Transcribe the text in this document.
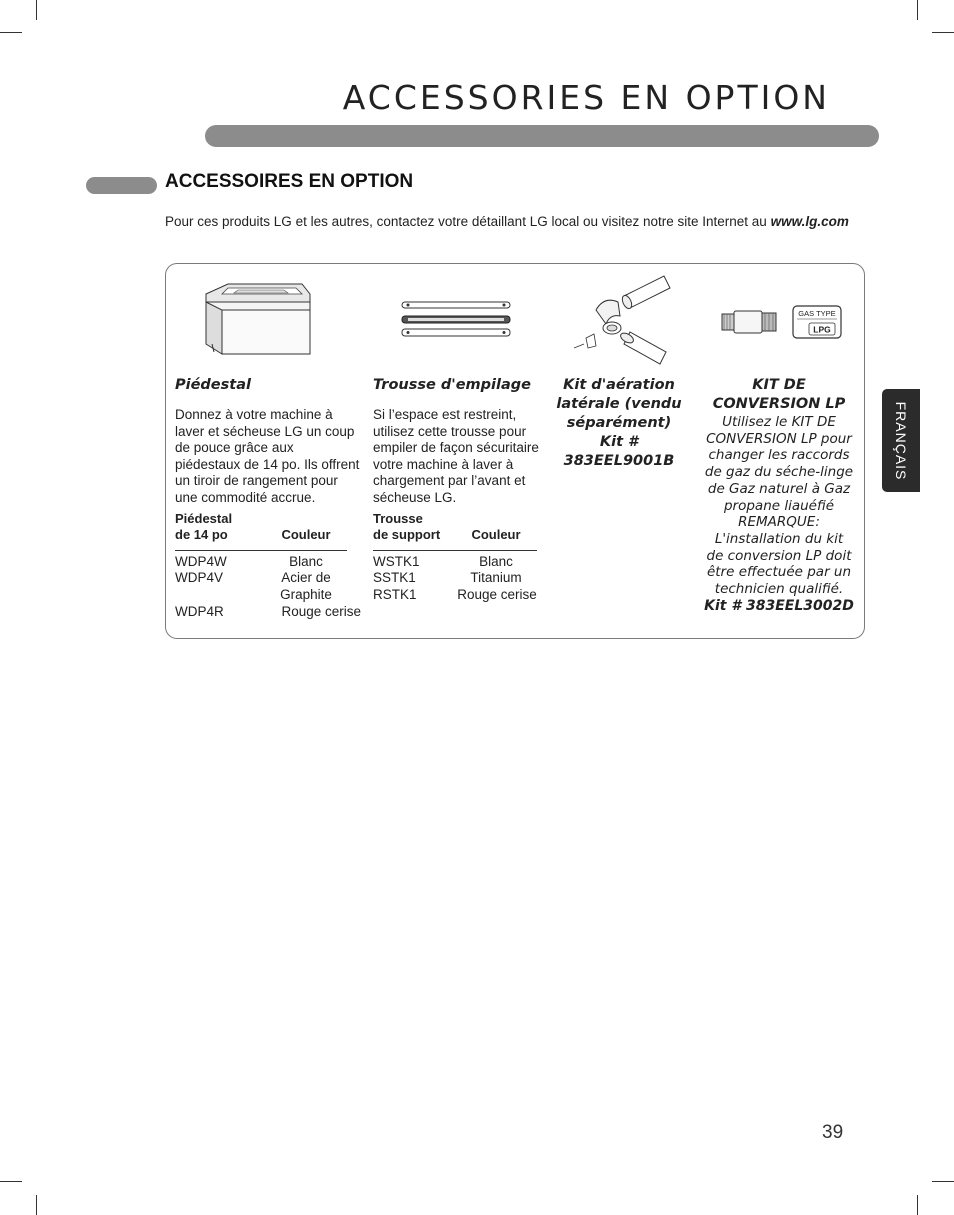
ACCESSORIES EN OPTION
ACCESSOIRES EN OPTION
Pour ces produits LG et les autres, contactez votre détaillant LG local ou visitez notre site Internet au www.lg.com
GAS TYPE
LPG
Piédestal

Donnez à votre machine à laver et sécheuse LG un coup de pouce grâce aux piédestaux de 14 po. Ils offrent un tiroir de rangement pour une commodité accrue.

Piédestal
de 14 po	Couleur
WDP4W	Blanc
WDP4V	Acier de
Graphite
WDP4R	Rouge cerise
Trousse d'empilage

Si l’espace est restreint, utilisez cette trousse pour empiler de façon sécuritaire votre machine à laver à chargement par l’avant et sécheuse LG.

Trousse
de support	Couleur
WSTK1	Blanc
SSTK1	Titanium
RSTK1	Rouge cerise
Kit d'aération
latérale (vendu
séparément)
Kit # 383EEL9001B
KIT DE
CONVERSION LP
Utilisez le KIT DE
CONVERSION LP pour
changer les raccords
de gaz du séche-linge
de Gaz naturel à Gaz
propane liauéfié
REMARQUE:
L'installation du kit
de conversion LP doit
être effectuée par un
technicien qualifié.
Kit # 383EEL3002D
FRANÇAIS
39
